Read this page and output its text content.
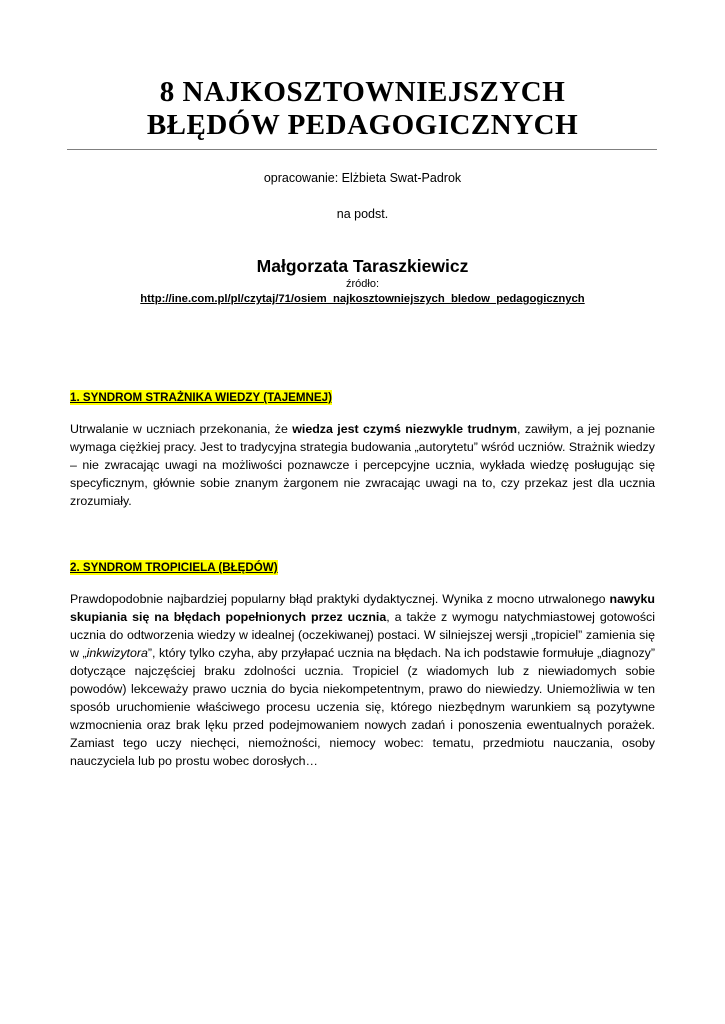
8 NAJKOSZTOWNIEJSZYCH
BŁĘDÓW PEDAGOGICZNYCH
opracowanie: Elżbieta Swat-Padrok
na podst.
Małgorzata Taraszkiewicz
źródło:
http://ine.com.pl/pl/czytaj/71/osiem_najkosztowniejszych_bledow_pedagogicznych
1. SYNDROM STRAŻNIKA WIEDZY (TAJEMNEJ)

Utrwalanie w uczniach przekonania, że wiedza jest czymś niezwykle trudnym, zawiłym, a jej poznanie wymaga ciężkiej pracy. Jest to tradycyjna strategia budowania „autorytetu” wśród uczniów. Strażnik wiedzy – nie zwracając uwagi na możliwości poznawcze i percepcyjne ucznia, wykłada wiedzę posługując się specyficznym, głównie sobie znanym żargonem nie zwracając uwagi na to, czy przekaz jest dla ucznia zrozumiały.

2. SYNDROM TROPICIELA (BŁĘDÓW)

Prawdopodobnie najbardziej popularny błąd praktyki dydaktycznej. Wynika z mocno utrwalonego nawyku skupiania się na błędach popełnionych przez ucznia, a także z wymogu natychmiastowej gotowości ucznia do odtworzenia wiedzy w idealnej (oczekiwanej) postaci. W silniejszej wersji „tropiciel” zamienia się w „inkwizytora”, który tylko czyha, aby przyłapać ucznia na błędach. Na ich podstawie formułuje „diagnozy” dotyczące najczęściej braku zdolności ucznia. Tropiciel (z wiadomych lub z niewiadomych sobie powodów) lekceważy prawo ucznia do bycia niekompetentnym, prawo do niewiedzy. Uniemożliwia w ten sposób uruchomienie właściwego procesu uczenia się, którego niezbędnym warunkiem są pozytywne wzmocnienia oraz brak lęku przed podejmowaniem nowych zadań i ponoszenia ewentualnych porażek. Zamiast tego uczy niechęci, niemożności, niemocy wobec: tematu, przedmiotu nauczania, osoby nauczyciela lub po prostu wobec dorosłych…
